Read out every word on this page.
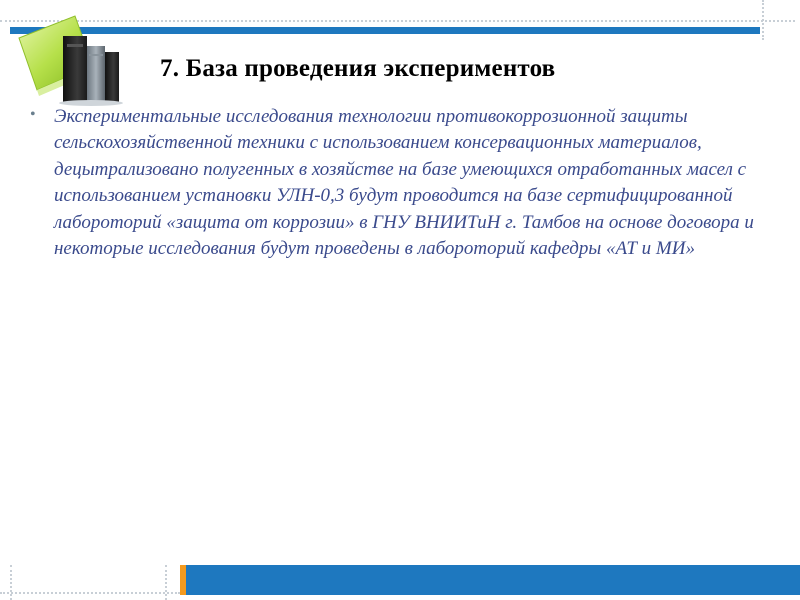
7. База проведения экспериментов
• Экспериментальные исследования технологии противокоррозионной защиты сельскохозяйственной техники с использованием консервационных материалов, децытрализовано полугенных в хозяйстве на базе умеющихся отработанных масел с использованием установки УЛН-0,3 будут проводится на базе сертифицированной лабороторий «защита от коррозии» в ГНУ ВНИИТиН г. Тамбов на основе договора и некоторые исследования будут проведены в лабороторий кафедры «АТ и МИ»
